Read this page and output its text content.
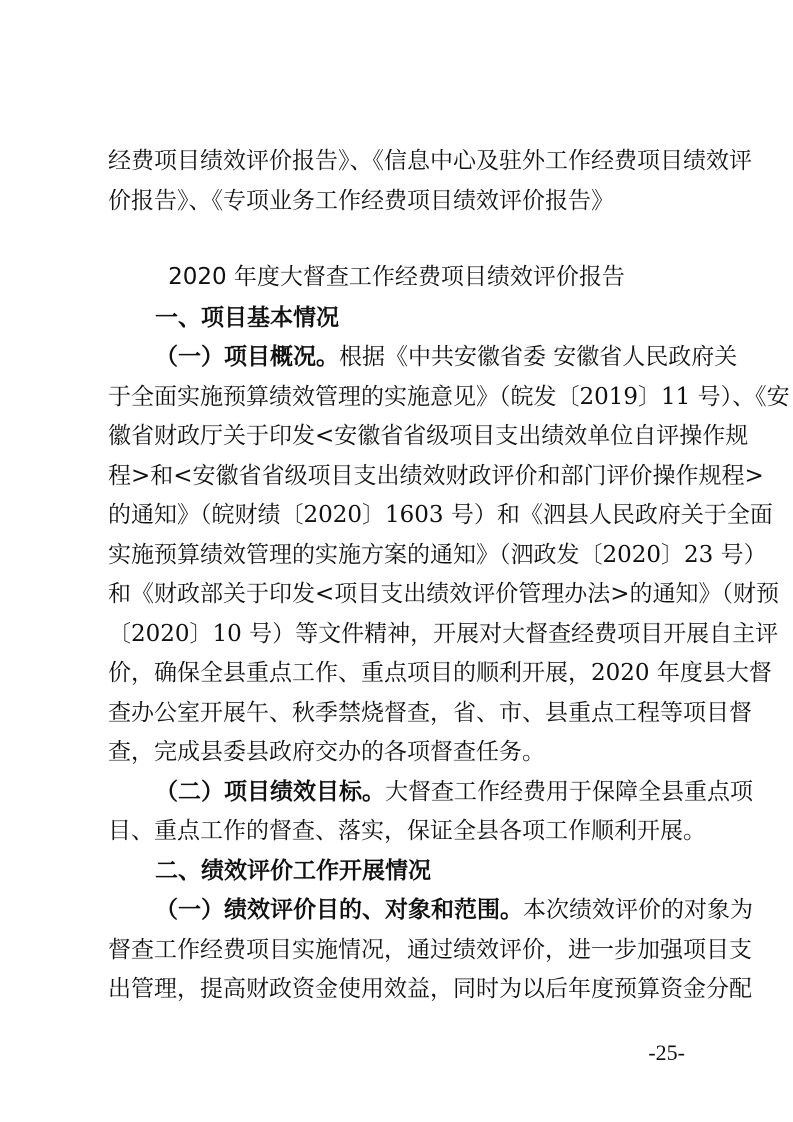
经费项目绩效评价报告》、《信息中心及驻外工作经费项目绩效评
价报告》、《专项业务工作经费项目绩效评价报告》
2020 年度大督查工作经费项目绩效评价报告
一、项目基本情况
（一）项目概况。根据《中共安徽省委 安徽省人民政府关
于全面实施预算绩效管理的实施意见》（皖发〔2019〕11 号）、《安
徽省财政厅关于印发<安徽省省级项目支出绩效单位自评操作规
程>和<安徽省省级项目支出绩效财政评价和部门评价操作规程>
的通知》（皖财绩〔2020〕1603 号）和《泗县人民政府关于全面
实施预算绩效管理的实施方案的通知》（泗政发〔2020〕23 号）
和《财政部关于印发<项目支出绩效评价管理办法>的通知》（财预
〔2020〕10 号）等文件精神，开展对大督查经费项目开展自主评
价，确保全县重点工作、重点项目的顺利开展，2020 年度县大督
查办公室开展午、秋季禁烧督查，省、市、县重点工程等项目督
查，完成县委县政府交办的各项督查任务。
（二）项目绩效目标。大督查工作经费用于保障全县重点项
目、重点工作的督查、落实，保证全县各项工作顺利开展。
二、绩效评价工作开展情况
（一）绩效评价目的、对象和范围。本次绩效评价的对象为
督查工作经费项目实施情况，通过绩效评价，进一步加强项目支
出管理，提高财政资金使用效益，同时为以后年度预算资金分配
-25-
